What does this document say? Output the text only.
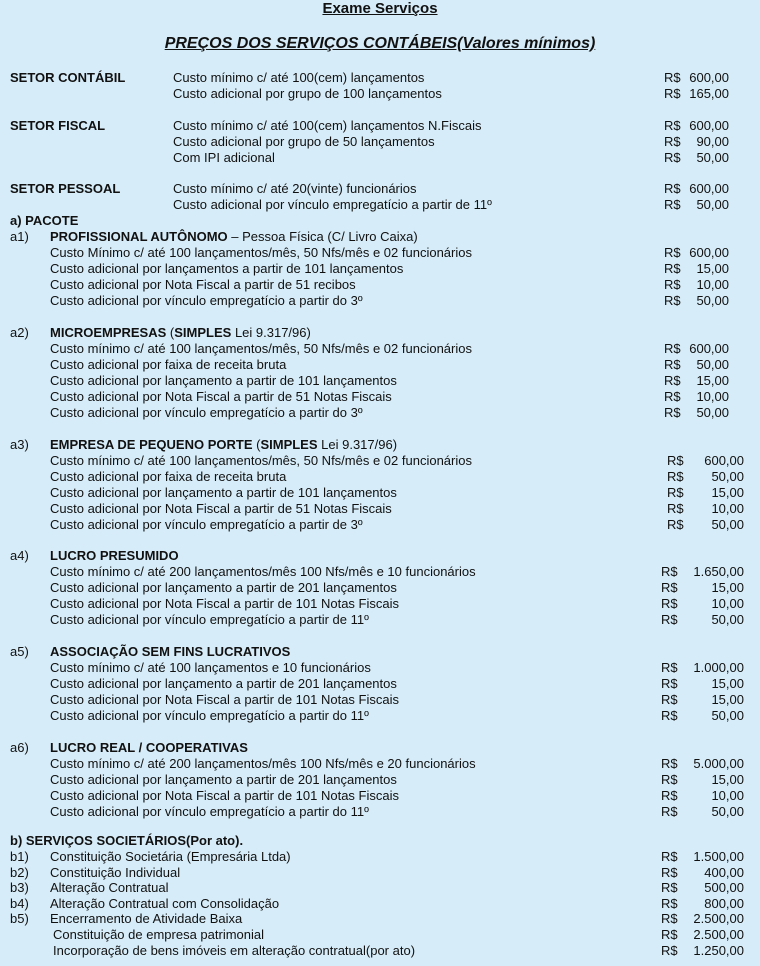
Exame Serviços
PREÇOS DOS SERVIÇOS CONTÁBEIS(Valores mínimos)
SETOR CONTÁBIL	Custo mínimo c/ até 100(cem) lançamentos	R$ 600,00
Custo adicional por grupo de 100 lançamentos	R$ 165,00
SETOR FISCAL	Custo mínimo c/ até 100(cem) lançamentos N.Fiscais	R$ 600,00
Custo adicional por grupo de 50 lançamentos	R$ 90,00
Com IPI adicional	R$ 50,00
SETOR PESSOAL	Custo mínimo c/ até 20(vinte) funcionários	R$ 600,00
Custo adicional por vínculo empregatício a partir de 11º	R$ 50,00
a) PACOTE
a1) PROFISSIONAL AUTÔNOMO – Pessoa Física (C/ Livro Caixa)
Custo Mínimo c/ até 100 lançamentos/mês, 50 Nfs/mês e 02 funcionários	R$ 600,00
Custo adicional por lançamentos a partir de 101 lançamentos	R$ 15,00
Custo adicional por Nota Fiscal a partir de 51 recibos	R$ 10,00
Custo adicional por vínculo empregatício a partir do 3º	R$ 50,00
a2) MICROEMPRESAS (SIMPLES Lei 9.317/96)
Custo mínimo c/ até 100 lançamentos/mês, 50 Nfs/mês e 02 funcionários	R$ 600,00
Custo adicional por faixa de receita bruta	R$ 50,00
Custo adicional por lançamento a partir de 101 lançamentos	R$ 15,00
Custo adicional por Nota Fiscal a partir de 51 Notas Fiscais	R$ 10,00
Custo adicional por vínculo empregatício a partir do 3º	R$ 50,00
a3) EMPRESA DE PEQUENO PORTE (SIMPLES Lei 9.317/96)
Custo mínimo c/ até 100 lançamentos/mês, 50 Nfs/mês e 02 funcionários	R$ 600,00
Custo adicional por faixa de receita bruta	R$ 50,00
Custo adicional por lançamento a partir de 101 lançamentos	R$ 15,00
Custo adicional por Nota Fiscal a partir de 51 Notas Fiscais	R$ 10,00
Custo adicional por vínculo empregatício a partir de 3º	R$ 50,00
a4) LUCRO PRESUMIDO
Custo mínimo c/ até 200 lançamentos/mês 100 Nfs/mês e 10 funcionários	R$ 1.650,00
Custo adicional por lançamento a partir de 201 lançamentos	R$	15,00
Custo adicional por Nota Fiscal a partir de 101 Notas Fiscais	R$	10,00
Custo adicional por vínculo empregatício a partir de 11º	R$	50,00
a5) ASSOCIAÇÃO SEM FINS LUCRATIVOS
Custo mínimo c/ até 100 lançamentos e 10 funcionários	R$ 1.000,00
Custo adicional por lançamento a partir de 201 lançamentos	R$	15,00
Custo adicional por Nota Fiscal a partir de 101 Notas Fiscais	R$	15,00
Custo adicional por vínculo empregatício a partir do 11º	R$	50,00
a6) LUCRO REAL / COOPERATIVAS
Custo mínimo c/ até 200 lançamentos/mês 100 Nfs/mês e 20 funcionários	R$ 5.000,00
Custo adicional por lançamento a partir de 201 lançamentos	R$	15,00
Custo adicional por Nota Fiscal a partir de 101 Notas Fiscais	R$	10,00
Custo adicional por vínculo empregatício a partir do 11º	R$	50,00
b) SERVIÇOS SOCIETÁRIOS(Por ato).
b1) Constituição Societária (Empresária Ltda)	R$ 1.500,00
b2) Constituição Individual	R$ 400,00
b3) Alteração Contratual	R$ 500,00
b4) Alteração Contratual com Consolidação	R$ 800,00
b5) Encerramento de Atividade Baixa	R$ 2.500,00
Constituição de empresa patrimonial	R$ 2.500,00
Incorporação de bens imóveis em alteração contratual(por ato)	R$ 1.250,00
